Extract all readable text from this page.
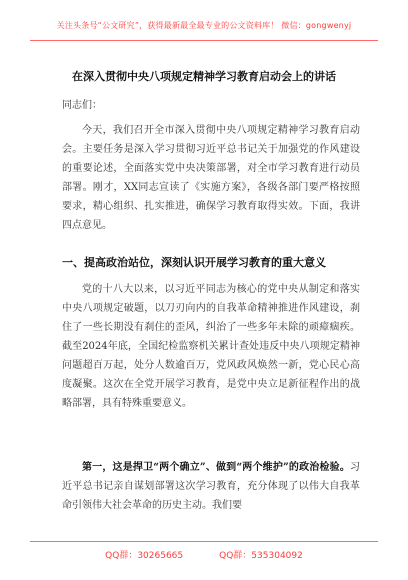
关注头条号“公文研究”，获得最新最全最专业的公文资料库！ 微信：gongwenyj
在深入贯彻中央八项规定精神学习教育启动会上的讲话
同志们：

今天，我们召开全市深入贯彻中央八项规定精神学习教育启动会。主要任务是深入学习贯彻习近平总书记关于加强党的作风建设的重要论述，全面落实党中央决策部署，对全市学习教育进行动员部署。刚才，XX同志宣读了《实施方案》，各级各部门要严格按照要求，精心组织、扎实推进，确保学习教育取得实效。下面，我讲四点意见。

一、提高政治站位，深刻认识开展学习教育的重大意义

党的十八大以来，以习近平同志为核心的党中央从制定和落实中央八项规定破题，以刀刃向内的自我革命精神推进作风建设，刹住了一些长期没有刹住的歪风，纠治了一些多年未除的顽瘴痼疾。截至2024年底，全国纪检监察机关累计查处违反中央八项规定精神问题超百万起，处分人数逾百万，党风政风焕然一新，党心民心高度凝聚。这次在全党开展学习教育，是党中央立足新征程作出的战略部署，具有特殊重要意义。

第一，这是捍卫“两个确立”、做到“两个维护”的政治检验。习近平总书记亲自谋划部署这次学习教育，充分体现了以伟大自我革命引领伟大社会革命的历史主动。我们要

QQ群：30265665	QQ群：535304092
